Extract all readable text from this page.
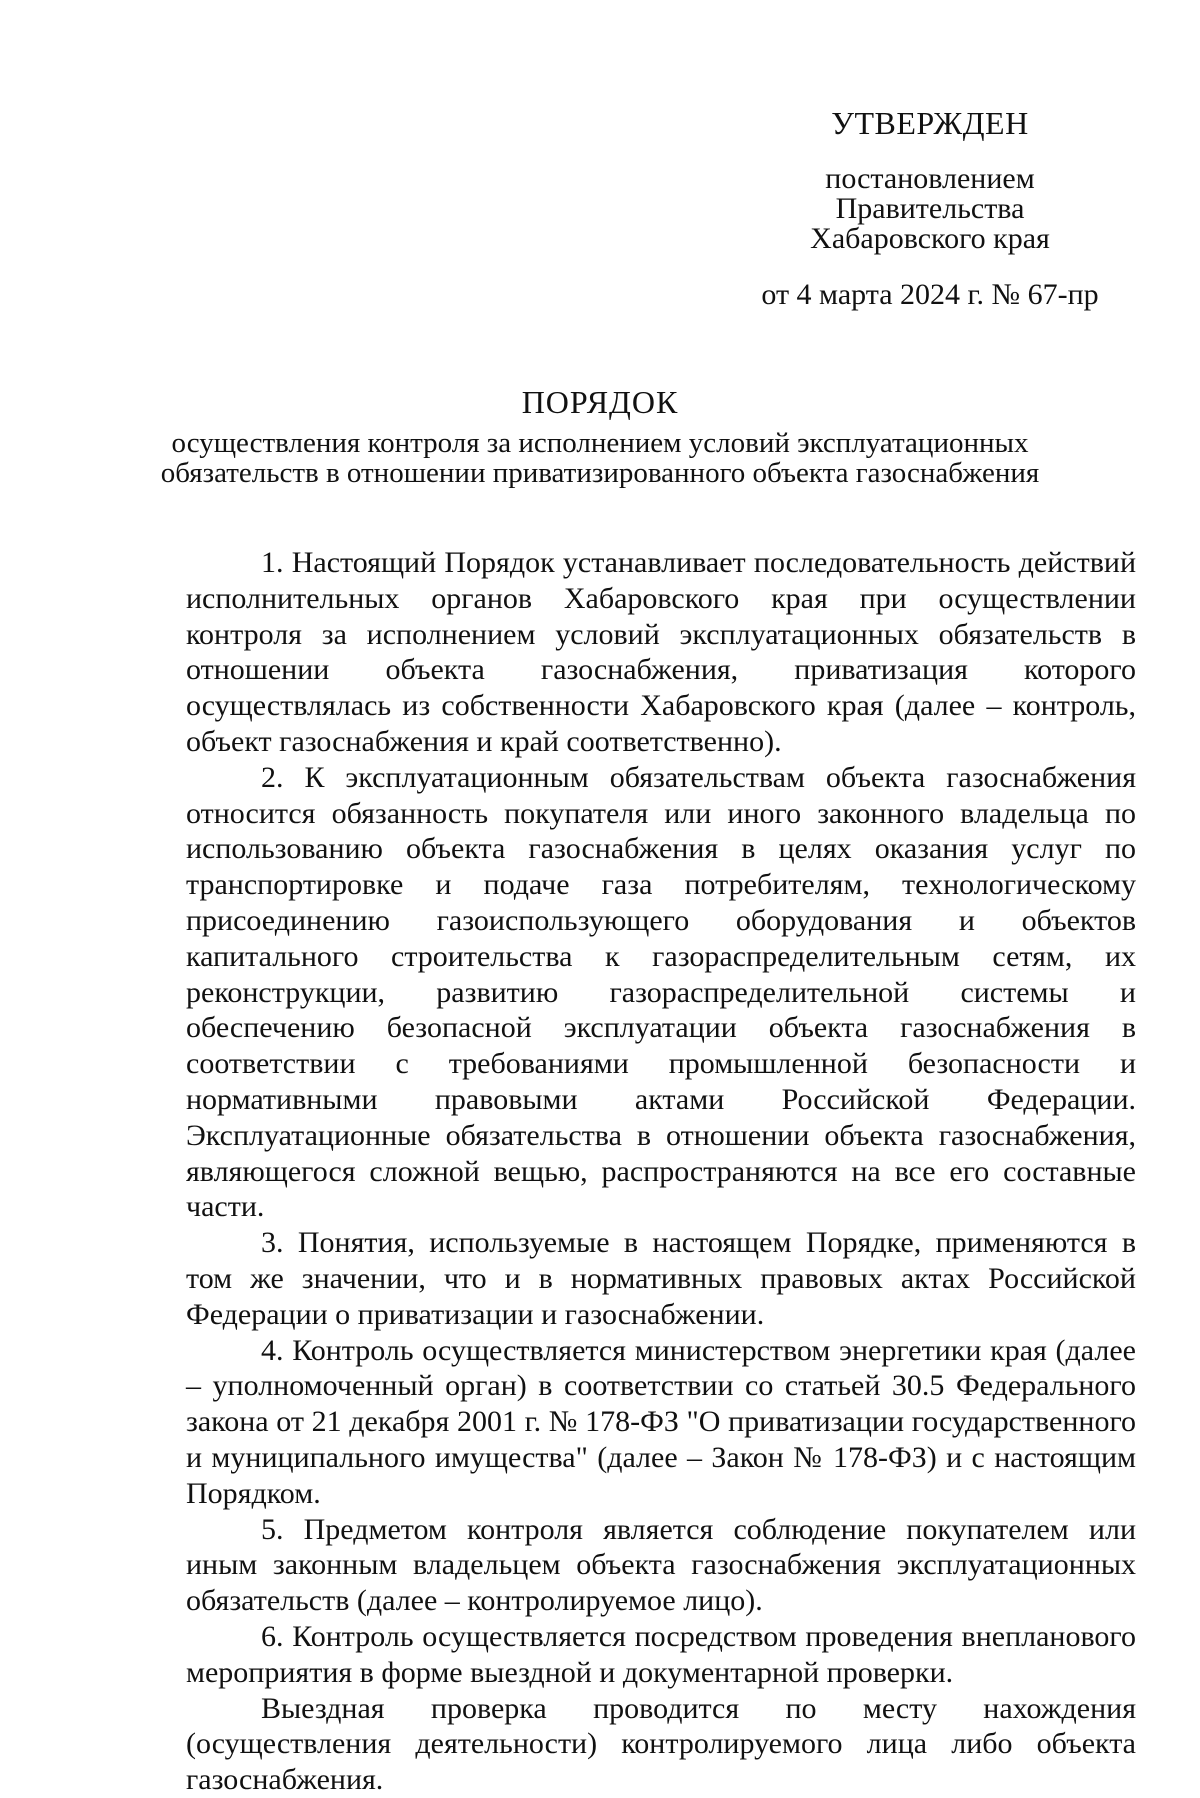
УТВЕРЖДЕН
постановлением
Правительства
Хабаровского края
от 4 марта 2024 г. № 67-пр
ПОРЯДОК
осуществления контроля за исполнением условий эксплуатационных
обязательств в отношении приватизированного объекта газоснабжения

1. Настоящий Порядок устанавливает последовательность действий исполнительных органов Хабаровского края при осуществлении контроля за исполнением условий эксплуатационных обязательств в отношении объекта газоснабжения, приватизация которого осуществлялась из собственности Хабаровского края (далее – контроль, объект газоснабжения и край соответственно).

2. К эксплуатационным обязательствам объекта газоснабжения относится обязанность покупателя или иного законного владельца по использованию объекта газоснабжения в целях оказания услуг по транспортировке и подаче газа потребителям, технологическому присоединению газоиспользующего оборудования и объектов капитального строительства к газораспределительным сетям, их реконструкции, развитию газораспределительной системы и обеспечению безопасной эксплуатации объекта газоснабжения в соответствии с требованиями промышленной безопасности и нормативными правовыми актами Российской Федерации. Эксплуатационные обязательства в отношении объекта газоснабжения, являющегося сложной вещью, распространяются на все его составные части.

3. Понятия, используемые в настоящем Порядке, применяются в том же значении, что и в нормативных правовых актах Российской Федерации о приватизации и газоснабжении.

4. Контроль осуществляется министерством энергетики края (далее – уполномоченный орган) в соответствии со статьей 30.5 Федерального закона от 21 декабря 2001 г. № 178-ФЗ "О приватизации государственного и муниципального имущества" (далее – Закон № 178-ФЗ) и с настоящим Порядком.

5. Предметом контроля является соблюдение покупателем или иным законным владельцем объекта газоснабжения эксплуатационных обязательств (далее – контролируемое лицо).

6. Контроль осуществляется посредством проведения внепланового мероприятия в форме выездной и документарной проверки.

Выездная проверка проводится по месту нахождения (осуществления деятельности) контролируемого лица либо объекта газоснабжения.
